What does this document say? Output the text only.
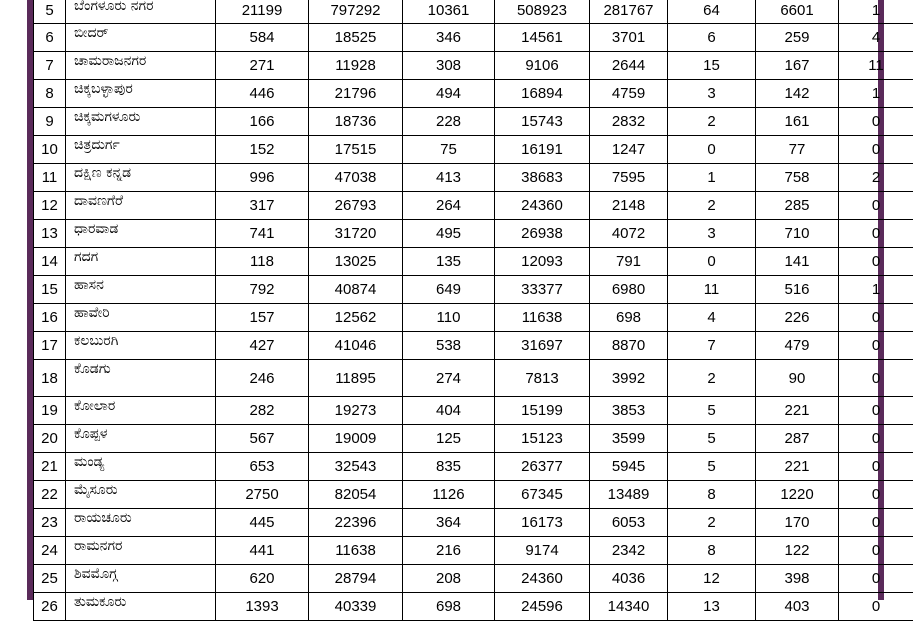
5	ಬೆಂಗಳೂರು ನಗರ	21199	797292	10361	508923	281767	64	6601	1
6	ಬೀದರ್	584	18525	346	14561	3701	6	259	4
7	ಚಾಮರಾಜನಗರ	271	11928	308	9106	2644	15	167	11
8	ಚಿಕ್ಕಬಳ್ಳಾಪುರ	446	21796	494	16894	4759	3	142	1
9	ಚಿಕ್ಕಮಗಳೂರು	166	18736	228	15743	2832	2	161	0
10	ಚಿತ್ರದುರ್ಗ	152	17515	75	16191	1247	0	77	0
11	ದಕ್ಷಿಣ ಕನ್ನಡ	996	47038	413	38683	7595	1	758	2
12	ದಾವಣಗೆರೆ	317	26793	264	24360	2148	2	285	0
13	ಧಾರವಾಡ	741	31720	495	26938	4072	3	710	0
14	ಗದಗ	118	13025	135	12093	791	0	141	0
15	ಹಾಸನ	792	40874	649	33377	6980	11	516	1
16	ಹಾವೇರಿ	157	12562	110	11638	698	4	226	0
17	ಕಲಬುರಗಿ	427	41046	538	31697	8870	7	479	0
18	ಕೊಡಗು	246	11895	274	7813	3992	2	90	0
19	ಕೋಲಾರ	282	19273	404	15199	3853	5	221	0
20	ಕೊಪ್ಪಳ	567	19009	125	15123	3599	5	287	0
21	ಮಂಡ್ಯ	653	32543	835	26377	5945	5	221	0
22	ಮೈಸೂರು	2750	82054	1126	67345	13489	8	1220	0
23	ರಾಯಚೂರು	445	22396	364	16173	6053	2	170	0
24	ರಾಮನಗರ	441	11638	216	9174	2342	8	122	0
25	ಶಿವಮೊಗ್ಗ	620	28794	208	24360	4036	12	398	0
26	ತುಮಕೂರು	1393	40339	698	24596	14340	13	403	0
